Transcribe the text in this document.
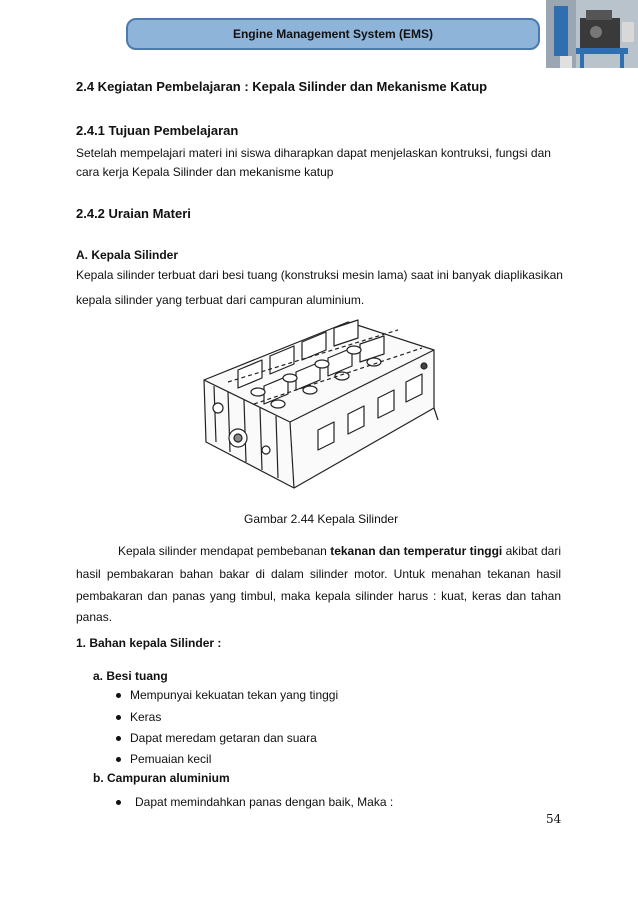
Engine Management System (EMS)
2.4 Kegiatan Pembelajaran : Kepala Silinder dan Mekanisme Katup
2.4.1 Tujuan Pembelajaran
Setelah mempelajari materi ini siswa diharapkan dapat menjelaskan kontruksi, fungsi dan
cara kerja Kepala Silinder dan mekanisme katup
2.4.2 Uraian Materi
A. Kepala Silinder
Kepala silinder terbuat dari besi tuang (konstruksi mesin lama) saat ini banyak diaplikasikan
kepala silinder yang terbuat dari campuran aluminium.
Gambar 2.44 Kepala Silinder
Kepala silinder mendapat pembebanan tekanan dan temperatur tinggi akibat dari
hasil pembakaran bahan bakar di dalam silinder motor. Untuk menahan tekanan hasil
pembakaran dan panas yang timbul, maka kepala silinder harus : kuat, keras dan tahan
panas.
1. Bahan kepala Silinder :
a. Besi tuang
Mempunyai kekuatan tekan yang tinggi
Keras
Dapat meredam getaran dan suara
Pemuaian kecil
b. Campuran aluminium
Dapat memindahkan panas dengan baik, Maka :
54
